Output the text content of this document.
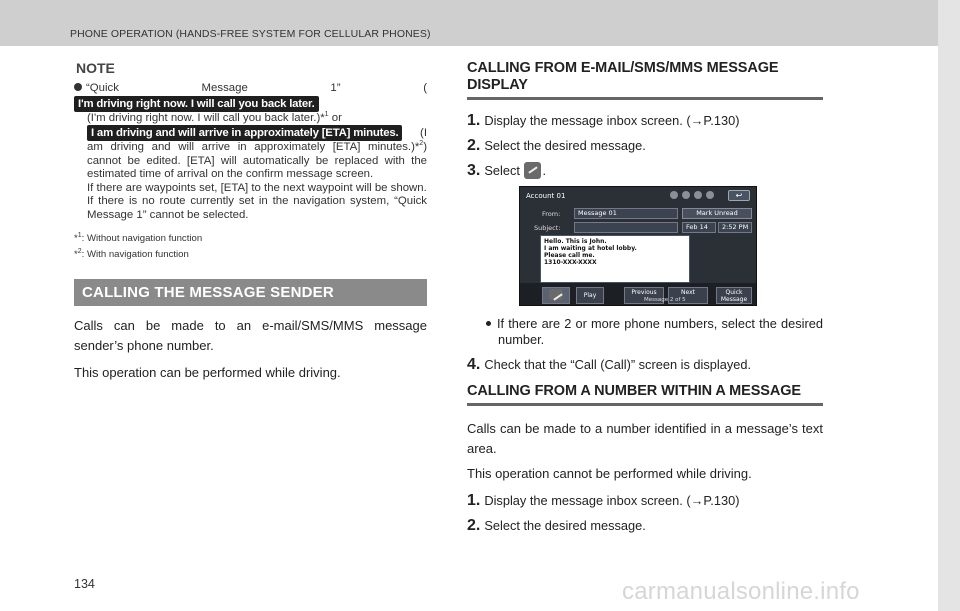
PHONE OPERATION (HANDS-FREE SYSTEM FOR CELLULAR PHONES)
NOTE

“Quick Message 1” (I'm driving right now. I will call you back later.

(I'm driving right now. I will call you back later.)*$^1$ or

I am driving and will arrive in approximately [ETA] minutes. (I am driving and will arrive in approximately [ETA] minutes.)*$^2$) cannot be edited. [ETA] will automatically be replaced with the estimated time of arrival on the confirm message screen.

If there are waypoints set, [ETA] to the next waypoint will be shown.

If there is no route currently set in the navigation system, “Quick Message 1” cannot be selected.

*$^1$: Without navigation function
*$^2$: With navigation function
CALLING THE MESSAGE SENDER

Calls can be made to an e-mail/SMS/MMS message sender’s phone number.

This operation can be performed while driving.

CALLING FROM E-MAIL/SMS/MMS MESSAGE DISPLAY
1. Display the message inbox screen. (→P.130)
2. Select the desired message.
3. Select .
Account 01	↩
From:	Message 01	Mark Unread
Subject:	Feb 14	2:52 PM
Hello. This is John.
I am waiting at hotel lobby.
Please call me.
1310-XXX-XXXX
Play	Previous	Next	Quick Message
Message 2 of 5

If there are 2 or more phone numbers, select the desired number.

4. Check that the “Call (Call)” screen is displayed.
CALLING FROM A NUMBER WITHIN A MESSAGE

Calls can be made to a number identified in a message’s text area.

This operation cannot be performed while driving.

1. Display the message inbox screen. (→P.130)
2. Select the desired message.
134	carmanualsonline.info
